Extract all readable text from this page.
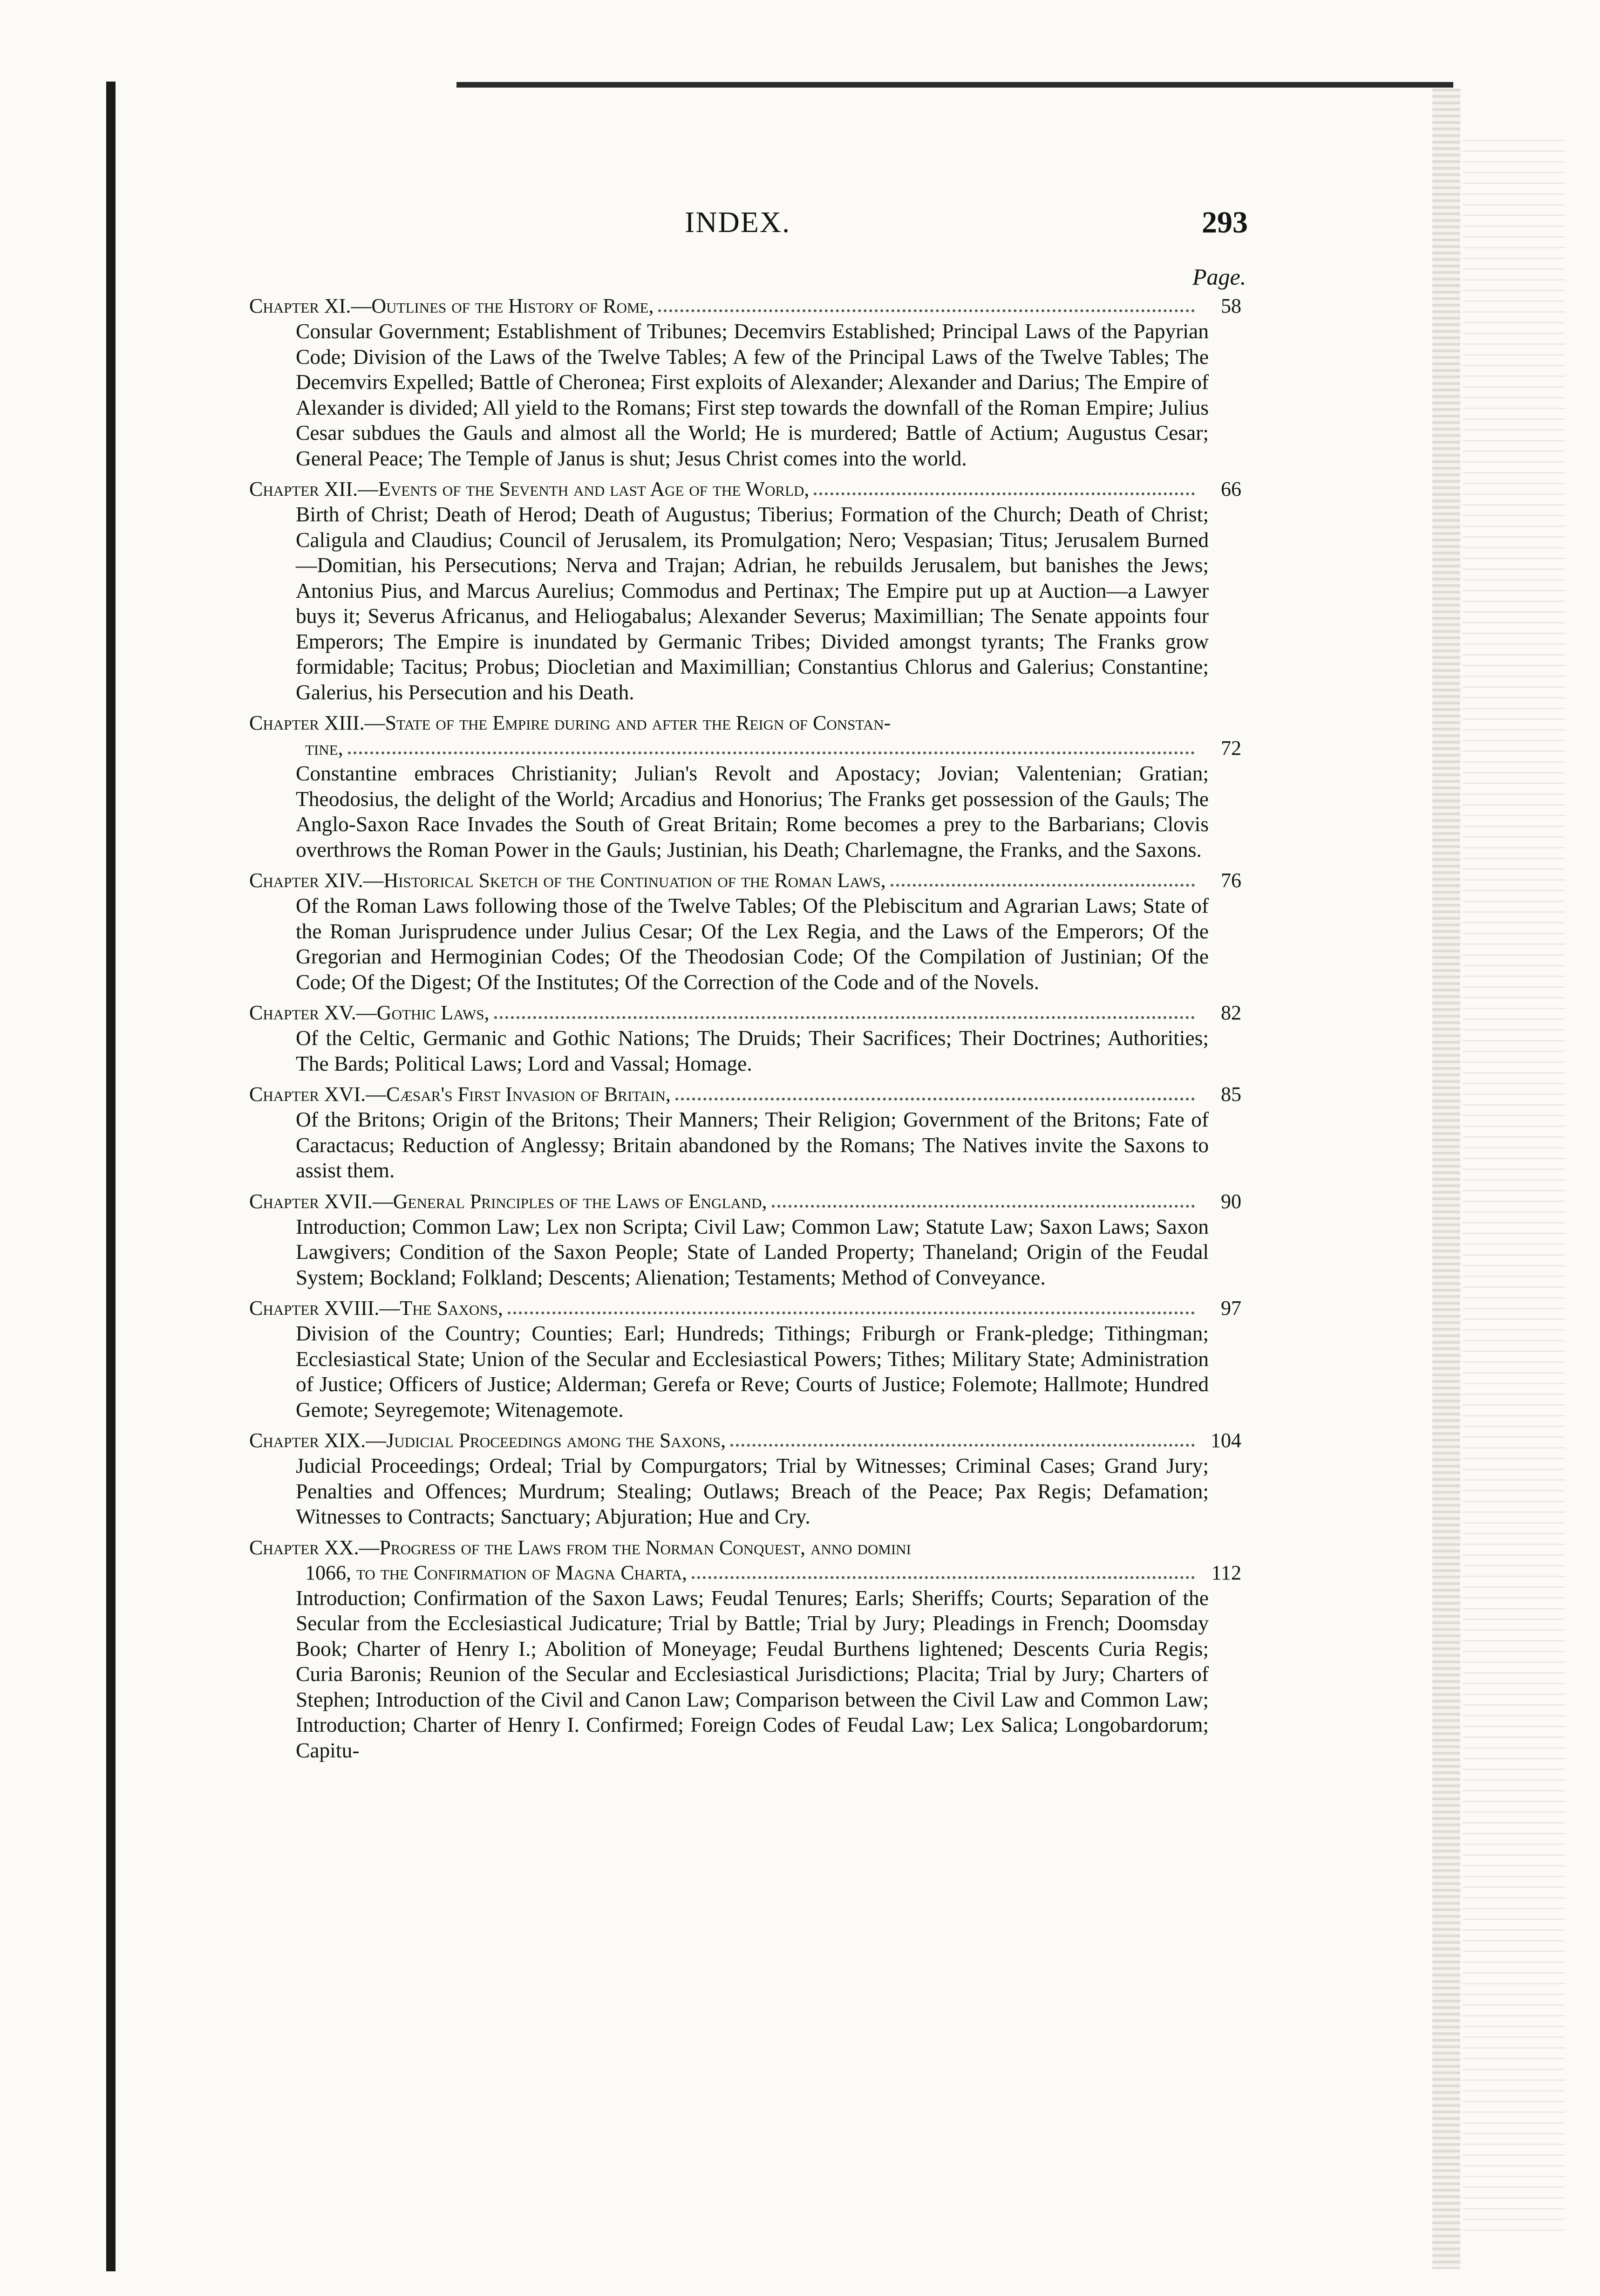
INDEX.	293
Page.
Chapter XI.—Outlines of the History of Rome,	58
Consular Government; Establishment of Tribunes; Decemvirs Established; Principal Laws of the Papyrian Code; Division of the Laws of the Twelve Tables; A few of the Principal Laws of the Twelve Tables; The Decemvirs Expelled; Battle of Cheronea; First exploits of Alexander; Alexander and Darius; The Empire of Alexander is divided; All yield to the Romans; First step towards the downfall of the Roman Empire; Julius Cesar subdues the Gauls and almost all the World; He is murdered; Battle of Actium; Augustus Cesar; General Peace; The Temple of Janus is shut; Jesus Christ comes into the world.
Chapter XII.—Events of the Seventh and last Age of the World,	66
Birth of Christ; Death of Herod; Death of Augustus; Tiberius; Formation of the Church; Death of Christ; Caligula and Claudius; Council of Jerusalem, its Promulgation; Nero; Vespasian; Titus; Jerusalem Burned—Domitian, his Persecutions; Nerva and Trajan; Adrian, he rebuilds Jerusalem, but banishes the Jews; Antonius Pius, and Marcus Aurelius; Commodus and Pertinax; The Empire put up at Auction—a Lawyer buys it; Severus Africanus, and Heliogabalus; Alexander Severus; Maximillian; The Senate appoints four Emperors; The Empire is inundated by Germanic Tribes; Divided amongst tyrants; The Franks grow formidable; Tacitus; Probus; Diocletian and Maximillian; Constantius Chlorus and Galerius; Constantine; Galerius, his Persecution and his Death.
Chapter XIII.—State of the Empire during and after the Reign of Constan-
tine,	72
Constantine embraces Christianity; Julian's Revolt and Apostacy; Jovian; Valentenian; Gratian; Theodosius, the delight of the World; Arcadius and Honorius; The Franks get possession of the Gauls; The Anglo-Saxon Race Invades the South of Great Britain; Rome becomes a prey to the Barbarians; Clovis overthrows the Roman Power in the Gauls; Justinian, his Death; Charlemagne, the Franks, and the Saxons.
Chapter XIV.—Historical Sketch of the Continuation of the Roman Laws,	76
Of the Roman Laws following those of the Twelve Tables; Of the Plebiscitum and Agrarian Laws; State of the Roman Jurisprudence under Julius Cesar; Of the Lex Regia, and the Laws of the Emperors; Of the Gregorian and Hermoginian Codes; Of the Theodosian Code; Of the Compilation of Justinian; Of the Code; Of the Digest; Of the Institutes; Of the Correction of the Code and of the Novels.
Chapter XV.—Gothic Laws,	82
Of the Celtic, Germanic and Gothic Nations; The Druids; Their Sacrifices; Their Doctrines; Authorities; The Bards; Political Laws; Lord and Vassal; Homage.
Chapter XVI.—Cæsar's First Invasion of Britain,	85
Of the Britons; Origin of the Britons; Their Manners; Their Religion; Government of the Britons; Fate of Caractacus; Reduction of Anglessy; Britain abandoned by the Romans; The Natives invite the Saxons to assist them.
Chapter XVII.—General Principles of the Laws of England,	90
Introduction; Common Law; Lex non Scripta; Civil Law; Common Law; Statute Law; Saxon Laws; Saxon Lawgivers; Condition of the Saxon People; State of Landed Property; Thaneland; Origin of the Feudal System; Bockland; Folkland; Descents; Alienation; Testaments; Method of Conveyance.
Chapter XVIII.—The Saxons,	97
Division of the Country; Counties; Earl; Hundreds; Tithings; Friburgh or Frank-pledge; Tithingman; Ecclesiastical State; Union of the Secular and Ecclesiastical Powers; Tithes; Military State; Administration of Justice; Officers of Justice; Alderman; Gerefa or Reve; Courts of Justice; Folemote; Hallmote; Hundred Gemote; Seyregemote; Witenagemote.
Chapter XIX.—Judicial Proceedings among the Saxons,	104
Judicial Proceedings; Ordeal; Trial by Compurgators; Trial by Witnesses; Criminal Cases; Grand Jury; Penalties and Offences; Murdrum; Stealing; Outlaws; Breach of the Peace; Pax Regis; Defamation; Witnesses to Contracts; Sanctuary; Abjuration; Hue and Cry.
Chapter XX.—Progress of the Laws from the Norman Conquest, anno domini
1066, to the Confirmation of Magna Charta,	112
Introduction; Confirmation of the Saxon Laws; Feudal Tenures; Earls; Sheriffs; Courts; Separation of the Secular from the Ecclesiastical Judicature; Trial by Battle; Trial by Jury; Pleadings in French; Doomsday Book; Charter of Henry I.; Abolition of Moneyage; Feudal Burthens lightened; Descents Curia Regis; Curia Baronis; Reunion of the Secular and Ecclesiastical Jurisdictions; Placita; Trial by Jury; Charters of Stephen; Introduction of the Civil and Canon Law; Comparison between the Civil Law and Common Law; Introduction; Charter of Henry I. Confirmed; Foreign Codes of Feudal Law; Lex Salica; Longobardorum; Capitu-
